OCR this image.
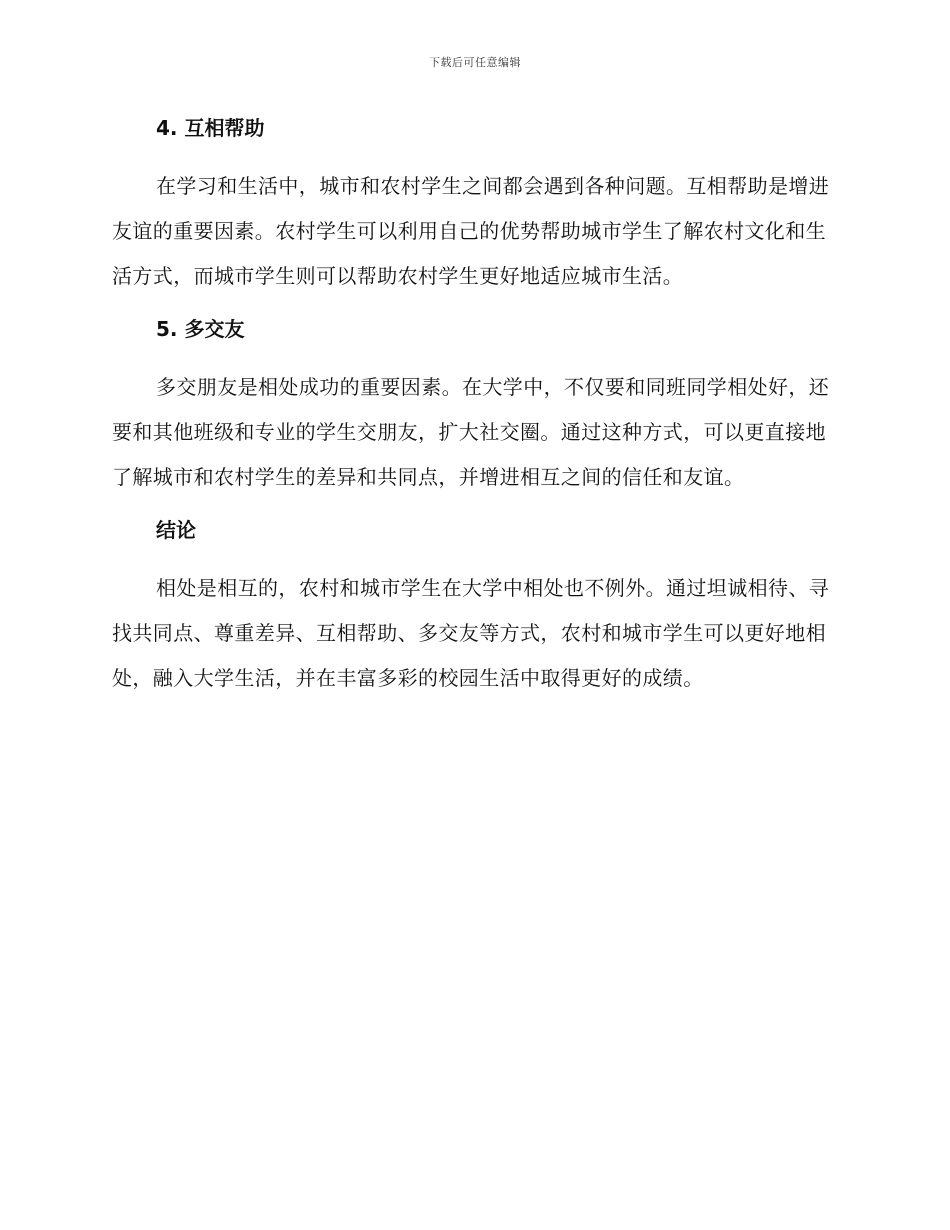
下载后可任意编辑
4. 互相帮助

在学习和生活中，城市和农村学生之间都会遇到各种问题。互相帮助是增进友谊的重要因素。农村学生可以利用自己的优势帮助城市学生了解农村文化和生活方式，而城市学生则可以帮助农村学生更好地适应城市生活。

5. 多交友

多交朋友是相处成功的重要因素。在大学中，不仅要和同班同学相处好，还要和其他班级和专业的学生交朋友，扩大社交圈。通过这种方式，可以更直接地了解城市和农村学生的差异和共同点，并增进相互之间的信任和友谊。

结论

相处是相互的，农村和城市学生在大学中相处也不例外。通过坦诚相待、寻找共同点、尊重差异、互相帮助、多交友等方式，农村和城市学生可以更好地相处，融入大学生活，并在丰富多彩的校园生活中取得更好的成绩。
